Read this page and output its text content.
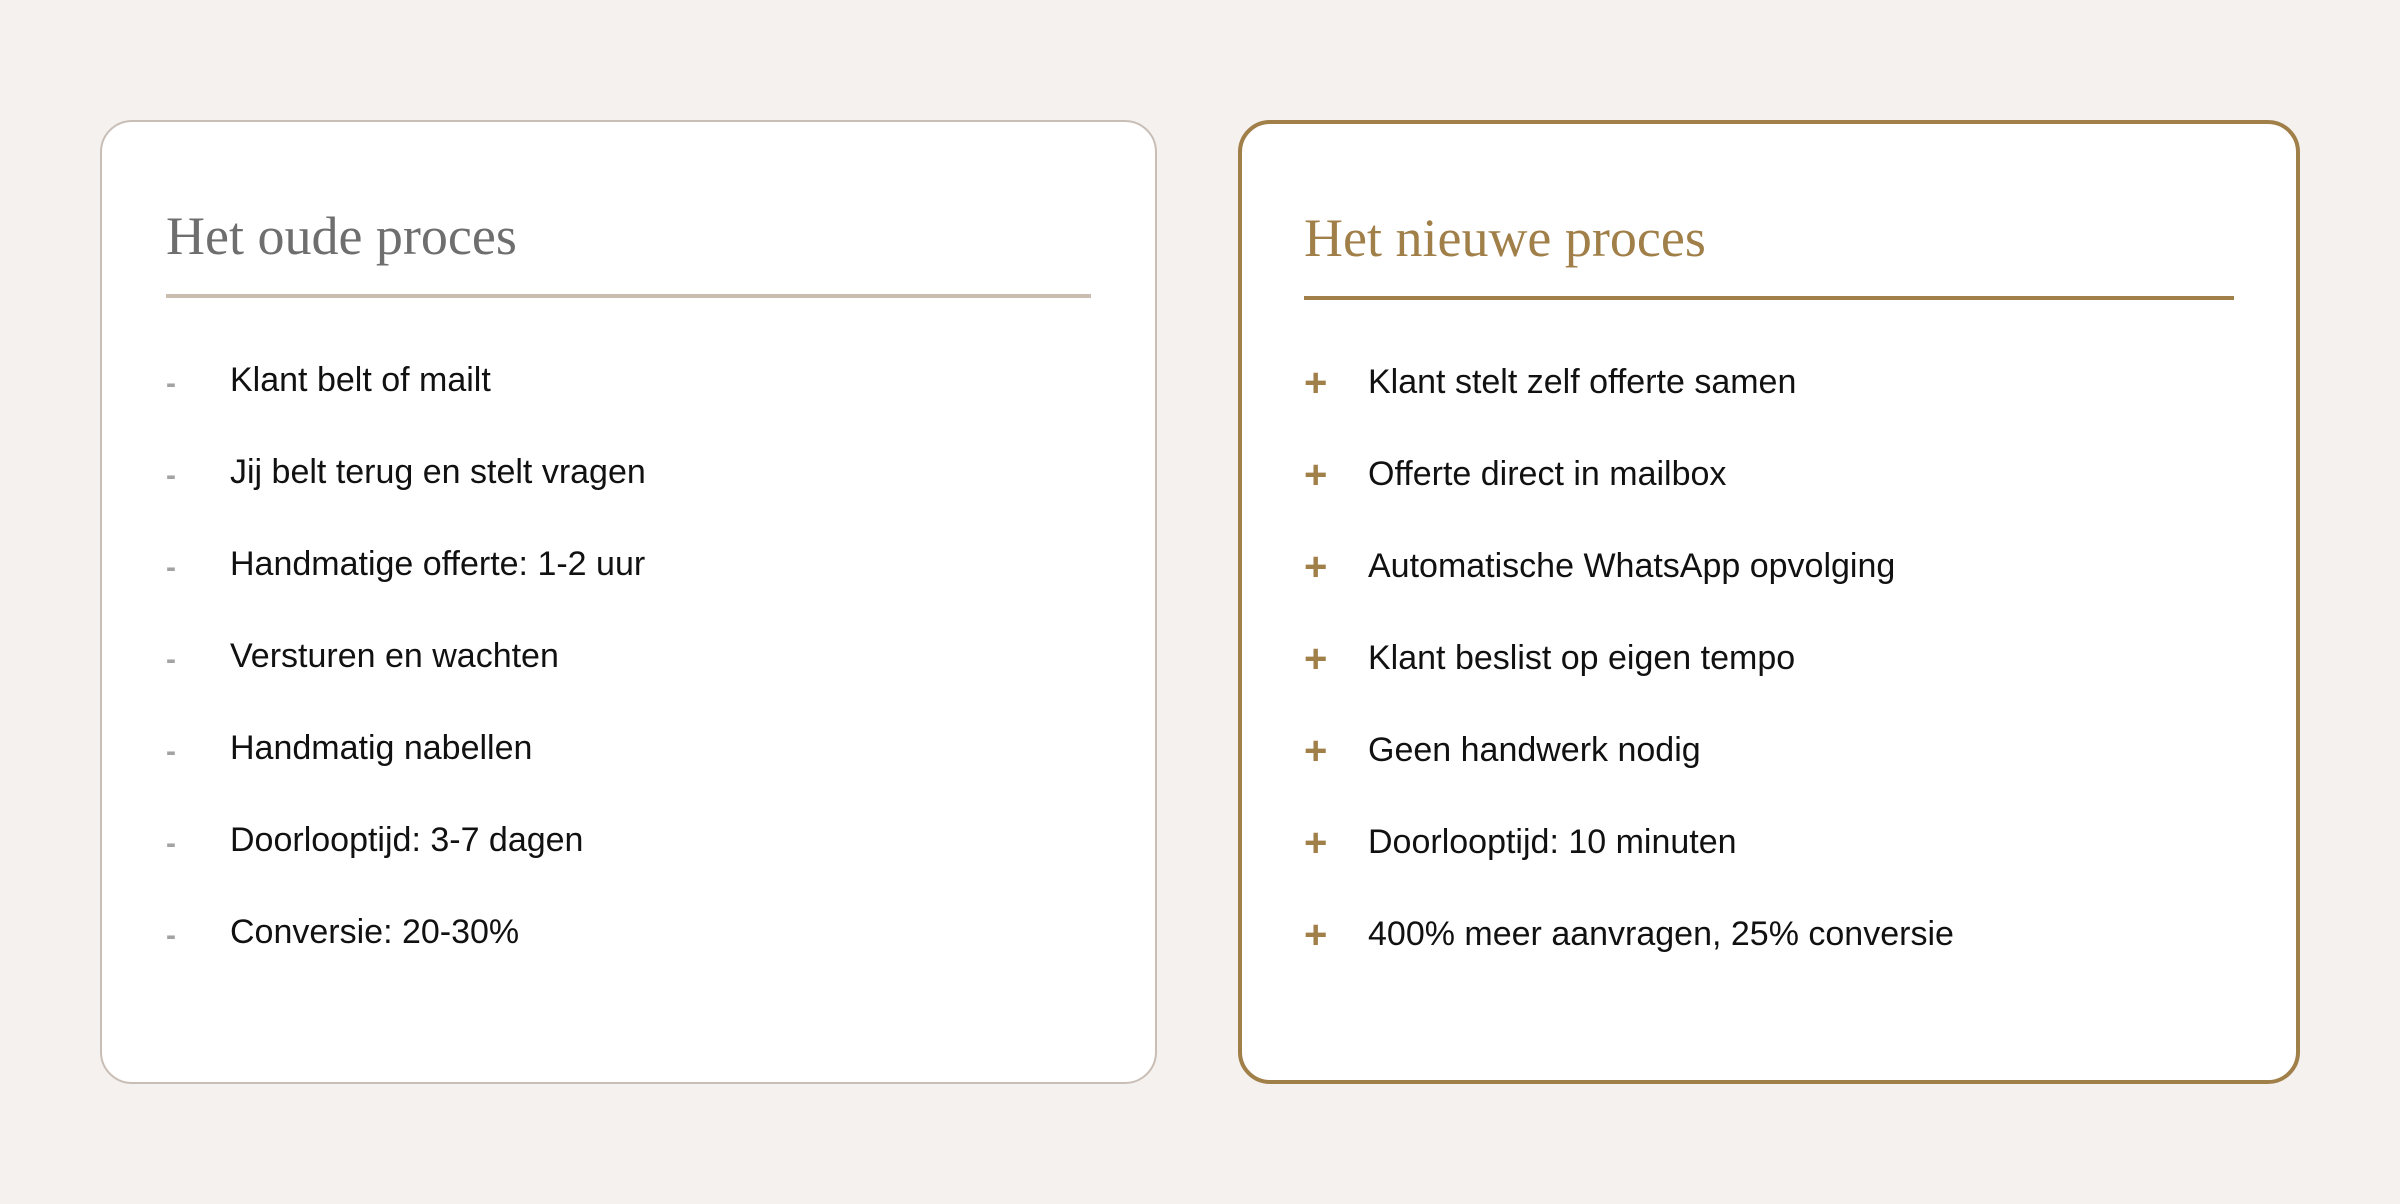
Het oude proces
-	Klant belt of mailt
-	Jij belt terug en stelt vragen
-	Handmatige offerte: 1-2 uur
-	Versturen en wachten
-	Handmatig nabellen
-	Doorlooptijd: 3-7 dagen
-	Conversie: 20-30%
Het nieuwe proces
+	Klant stelt zelf offerte samen
+	Offerte direct in mailbox
+	Automatische WhatsApp opvolging
+	Klant beslist op eigen tempo
+	Geen handwerk nodig
+	Doorlooptijd: 10 minuten
+	400% meer aanvragen, 25% conversie
